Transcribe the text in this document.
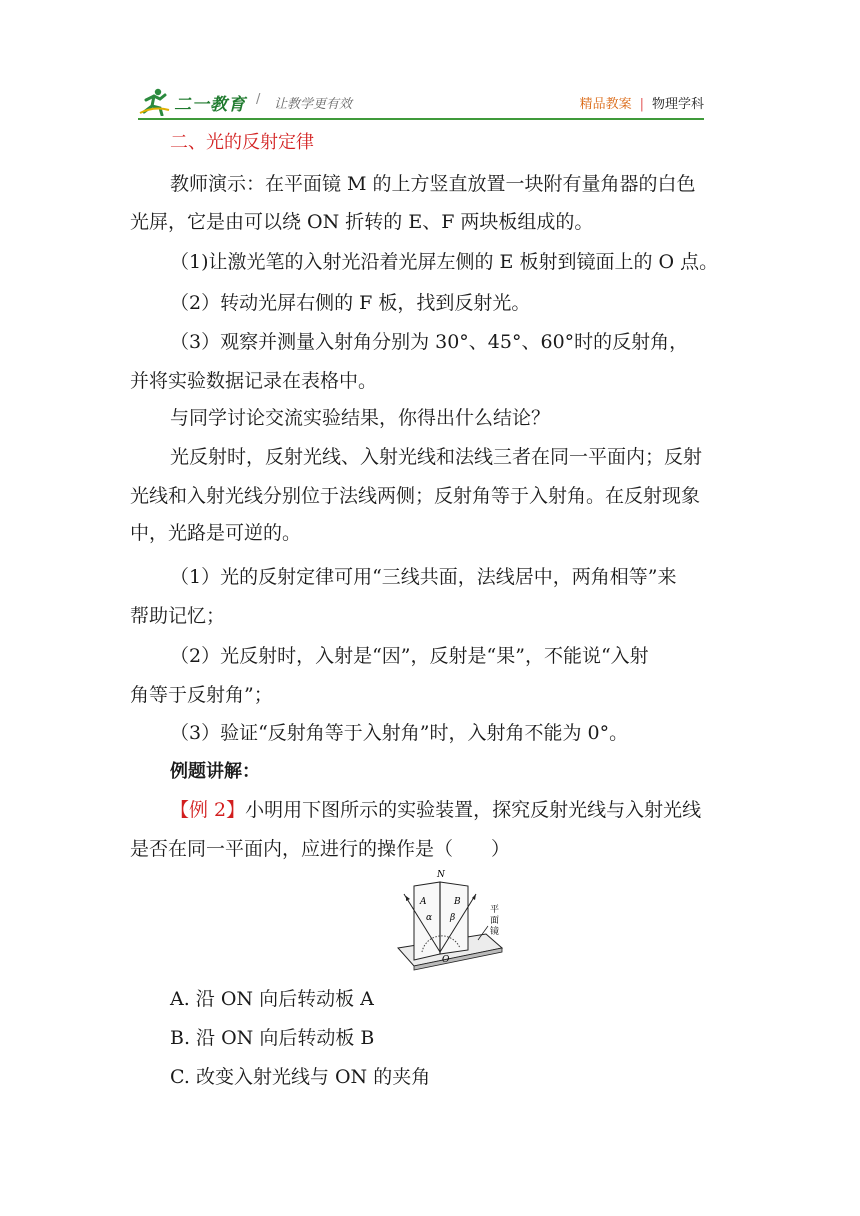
二一教育 / 让教学更有效	精品教案 | 物理学科
二、光的反射定律
教师演示：在平面镜 M 的上方竖直放置一块附有量角器的白色
光屏，它是由可以绕 ON 折转的 E、F 两块板组成的。
（1)让激光笔的入射光沿着光屏左侧的 E 板射到镜面上的 O 点。
（2）转动光屏右侧的 F 板，找到反射光。
（3）观察并测量入射角分别为 30°、45°、60°时的反射角，
并将实验数据记录在表格中。
与同学讨论交流实验结果，你得出什么结论？
光反射时，反射光线、入射光线和法线三者在同一平面内；反射
光线和入射光线分别位于法线两侧；反射角等于入射角。在反射现象
中，光路是可逆的。
（1）光的反射定律可用“三线共面，法线居中，两角相等”来
帮助记忆；
（2）光反射时，入射是“因”，反射是“果”，不能说“入射
角等于反射角”；
（3）验证“反射角等于入射角”时，入射角不能为 0°。
例题讲解：
【例 2】小明用下图所示的实验装置，探究反射光线与入射光线
是否在同一平面内，应进行的操作是（　　）
N
A	B
α β
O
平
面
镜
A. 沿 ON 向后转动板 A
B. 沿 ON 向后转动板 B
C. 改变入射光线与 ON 的夹角
